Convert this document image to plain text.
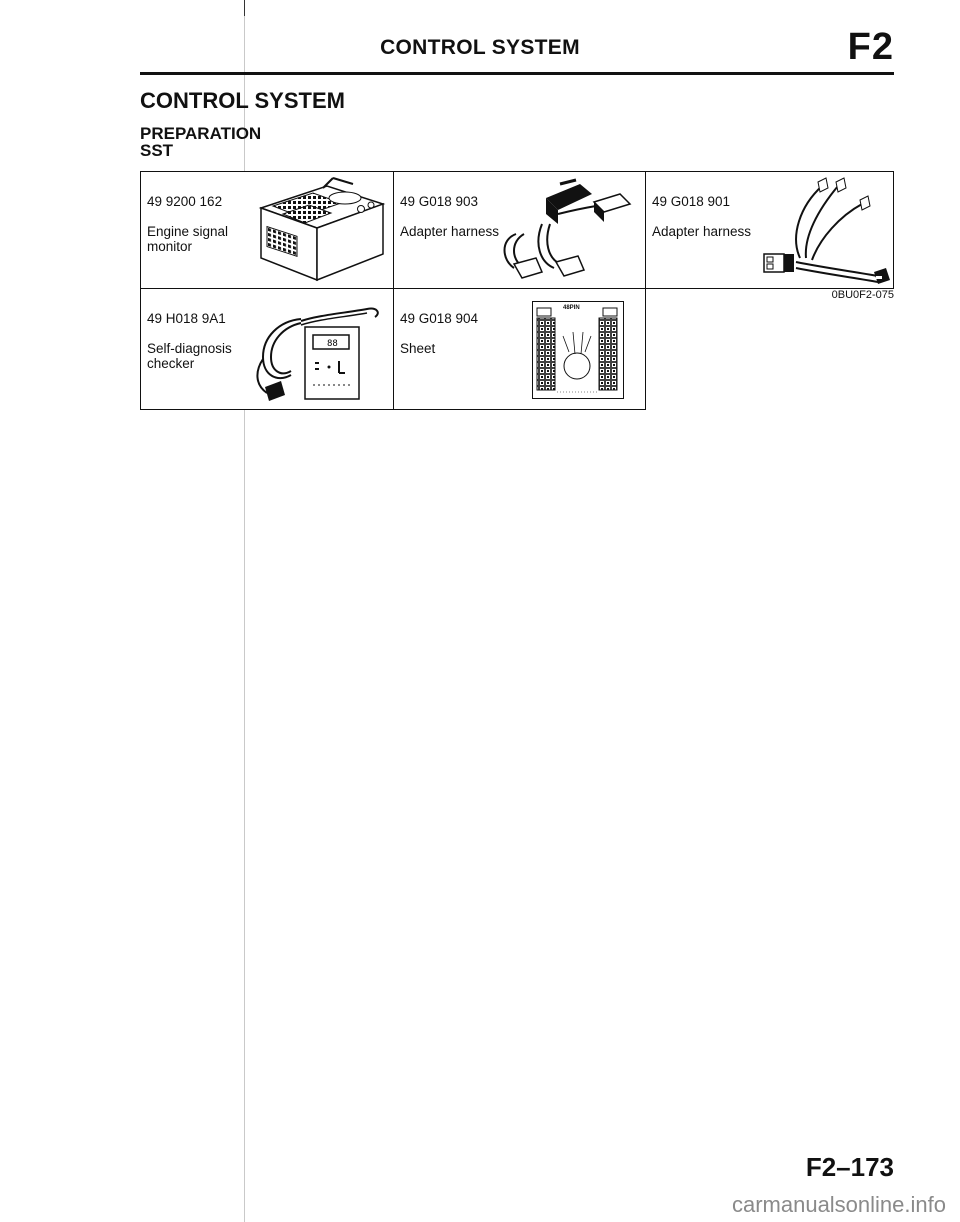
CONTROL SYSTEM	F2
CONTROL SYSTEM
PREPARATION
SST
49 9200 162
Engine signal
monitor
49 G018 903
Adapter harness
49 G018 901
Adapter harness
0BU0F2-075
49 H018 9A1
Self-diagnosis
checker
88
49 G018 904
Sheet
48PIN
F2–173
carmanualsonline.info
